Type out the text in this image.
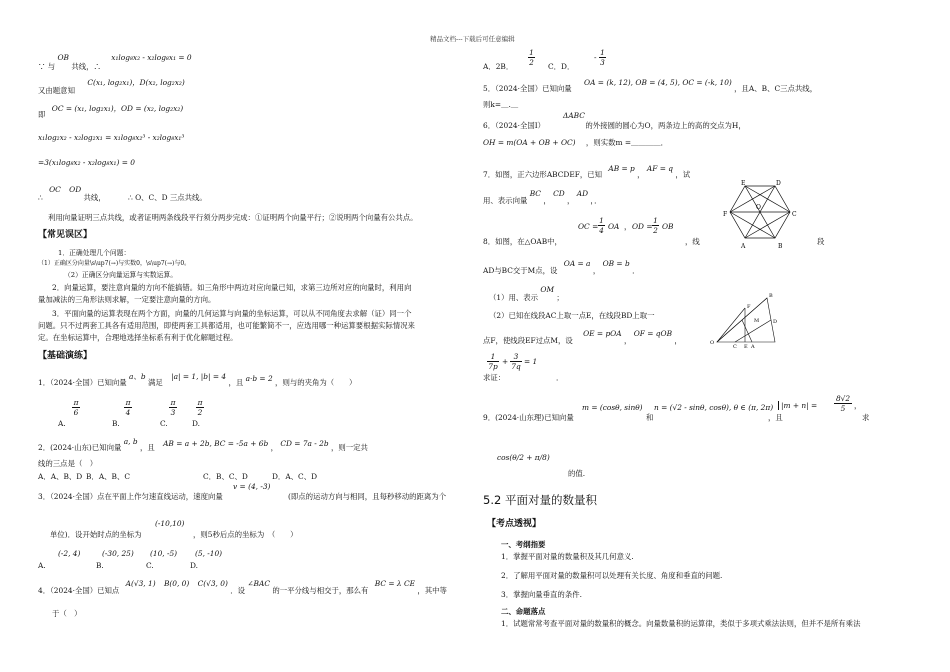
精品文档---下载后可任意编辑
∵ 与 OB 共线，∴ x₁log₈x₂ - x₂log₈x₁ = 0
又由题意知 C(x₁, log₂x₁)，D(x₂, log₂x₂)
即 OC = (x₁, log₂x₁)，OD = (x₂, log₂x₂)
x₁log₂x₂ - x₂log₂x₁ = x₁log₈x₂³ - x₂log₈x₁³
=3(x₁log₈x₂ - x₂log₈x₁) = 0
∴ OC OD 共线，	∴ O、C、D 三点共线。
利用向量证明三点共线，或者证明两条线段平行须分两步完成：①证明两个向量平行；②说明两个向量有公共点。
【常见误区】
1．正确处理几个问题：
（1）正确区分向量\s\up7(→)与实数0，\s\up7(→)与0。
（2）正确区分向量运算与实数运算。
2．向量运算，要注意向量的方向不能搞错。如三角形中两边对应向量已知，求第三边所对应的向量时，利用向
量加减法的三角形法则求解，一定要注意向量的方向。
3．平面向量的运算表现在两个方面，向量的几何运算与向量的坐标运算，可以从不同角度去求解（证）同一个
问题。只不过两套工具各有适用范围，即使两套工具都适用，也可能繁简不一，应选用哪一种运算要根据实际情况来
定。在坐标运算中，合理地选择坐标系有利于优化解题过程。
【基础演练】
1．（2024·全国）已知向量 a、b 满足 |a| = 1, |b| = 4 ，且 a·b = 2 ，则与的夹角为（　　）
$\frac{\pi}{6}$	$\frac{\pi}{4}$	$\frac{\pi}{3}$	$\frac{\pi}{2}$
A.	B.	C.	D.
2．(2024·山东)已知向量 a, b ，且 AB = a + 2b, BC = -5a + 6b ， CD = 7a - 2b ，则一定共
线的三点是（　）
A．A、B、D B．A、B、C	C．B、C、D	D．A、C、D
v = (4, -3)
3．（2024·全国）点在平面上作匀速直线运动，速度向量	(即点的运动方向与相同，且每秒移动的距离为个
(-10,10)
单位)．设开始时点的坐标为	，则5秒后点的坐标为　（　　）
(-2, 4)	(-30, 25) (10, -5) (5, -10)
A.	B.	C.	D.
4．（2024·全国）已知点 A(√3, 1) B(0, 0) C(√3, 0) ．设 ∠BAC 的一平分线与相交于，那么有 BC = λ CE ，其中等
于（　）
$\frac{1}{2}$	- $\frac{1}{3}$
A．2B．	C．D．
5．（2024·全国）已知向量 OA = (k, 12), OB = (4, 5), OC = (-k, 10) ，且A、B、C三点共线，
则k=＿.＿
ΔABC
6．（2024·全国Ⅰ）	的外接圆的圆心为O，两条边上的高的交点为H，
OH = m(OA + OB + OC) ，则实数m =＿＿＿＿．
7．如图，正六边形ABCDEF，已知 AB = p ， AF = q ，试
用、表示向量 BC ， CD ， AD ，．
8．如图，在△OAB中，
OC = $\frac{1}{4}$ OA ， OD = $\frac{1}{2}$ OB
，线	段
AD与BC交于M点，设 OA = a ， OB = b ．
（1）用、表示 OM ；
（2）已知在线段AC上取一点E，在线段BD上取一
点F，使线段EF过点M，设 OE = pOA ， OF = qOB ，
$\frac{1}{7p} + \frac{3}{7q} = 1$
求证：	．
9．(2024·山东理)已知向量
m = (cosθ, sinθ)
和
n = (√2 - sinθ, cosθ), θ ∈ (π, 2π)
，且
$|m + n| = \frac{8√2}{5}$ ，
求
cos(θ/2 + π/8)
的值.
5.2 平面对量的数量积
【考点透视】
一、考纲指要
1．掌握平面对量的数量积及其几何意义.
2．了解用平面对量的数量积可以处理有关长度、角度和垂直的问题.
3．掌握向量垂直的条件.
二、命题落点
1．试题常常考查平面对量的数量积的概念。向量数量积的运算律，类似于多项式乘法法则，但并不是所有乘法
E	D
C
B
A
F
O
O
C E A
B
F
M	D
